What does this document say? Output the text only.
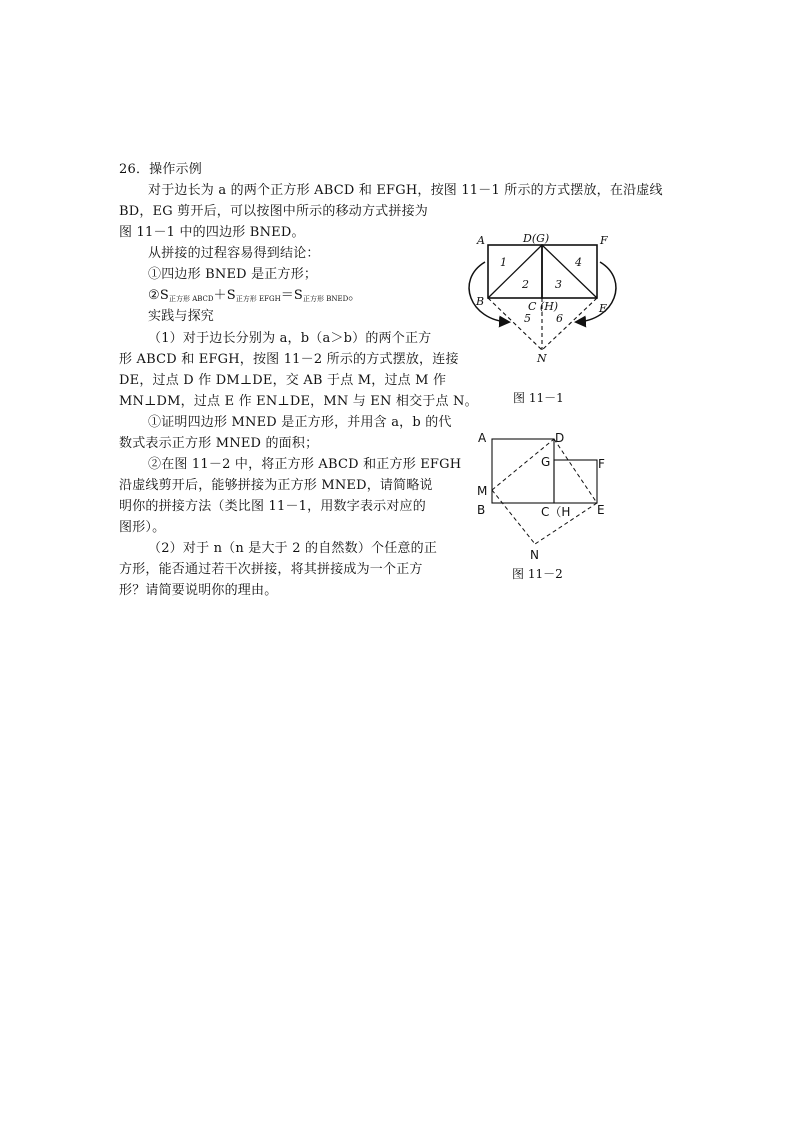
26．操作示例
对于边长为 a 的两个正方形 ABCD 和 EFGH，按图 11－1 所示的方式摆放，在沿虚线
BD，EG 剪开后，可以按图中所示的移动方式拼接为
图 11－1 中的四边形 BNED。
从拼接的过程容易得到结论：
①四边形 BNED 是正方形；
$②S_{正方形 ABCD}+S_{正方形 EFGH}=S_{正方形 BNED}$。
实践与探究
（1）对于边长分别为 a，b（a＞b）的两个正方
形 ABCD 和 EFGH，按图 11－2 所示的方式摆放，连接
DE，过点 D 作 DM⊥DE，交 AB 于点 M，过点 M 作
MN⊥DM，过点 E 作 EN⊥DE，MN 与 EN 相交于点 N。
①证明四边形 MNED 是正方形，并用含 a，b 的代
数式表示正方形 MNED 的面积；
②在图 11－2 中，将正方形 ABCD 和正方形 EFGH
沿虚线剪开后，能够拼接为正方形 MNED，请简略说
明你的拼接方法（类比图 11－1，用数字表示对应的
图形）。
（2）对于 n（n 是大于 2 的自然数）个任意的正
方形，能否通过若干次拼接，将其拼接成为一个正方
形？请简要说明你的理由。
A	D(G)	F
B	C (H)	E
N
1
2 3
4
5 6
图 11－1
A	D
G	F
M
B	C（H E
N
图 11－2
